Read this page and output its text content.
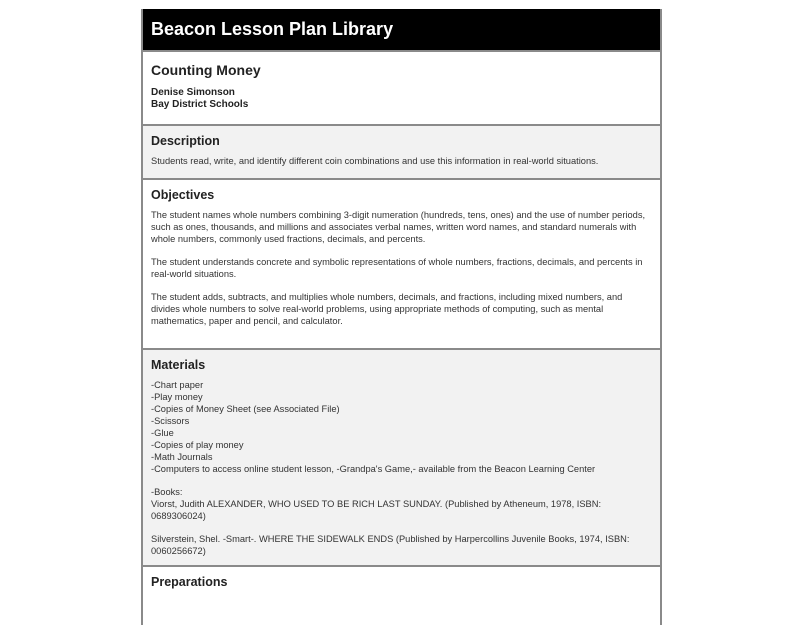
Beacon Lesson Plan Library
Counting Money
Denise Simonson
Bay District Schools
Description

Students read, write, and identify different coin combinations and use this information in real-world situations.

Objectives

The student names whole numbers combining 3-digit numeration (hundreds, tens, ones) and the use of number periods, such as ones, thousands, and millions and associates verbal names, written word names, and standard numerals with whole numbers, commonly used fractions, decimals, and percents.

The student understands concrete and symbolic representations of whole numbers, fractions, decimals, and percents in real-world situations.

The student adds, subtracts, and multiplies whole numbers, decimals, and fractions, including mixed numbers, and divides whole numbers to solve real-world problems, using appropriate methods of computing, such as mental mathematics, paper and pencil, and calculator.

Materials
-Chart paper
-Play money
-Copies of Money Sheet (see Associated File)
-Scissors
-Glue
-Copies of play money
-Math Journals
-Computers to access online student lesson, -Grandpa's Game,- available from the Beacon Learning Center
-Books:

Viorst, Judith ALEXANDER, WHO USED TO BE RICH LAST SUNDAY. (Published by Atheneum, 1978, ISBN: 0689306024)

Silverstein, Shel. -Smart-. WHERE THE SIDEWALK ENDS (Published by Harpercollins Juvenile Books, 1974, ISBN: 0060256672)

Preparations
